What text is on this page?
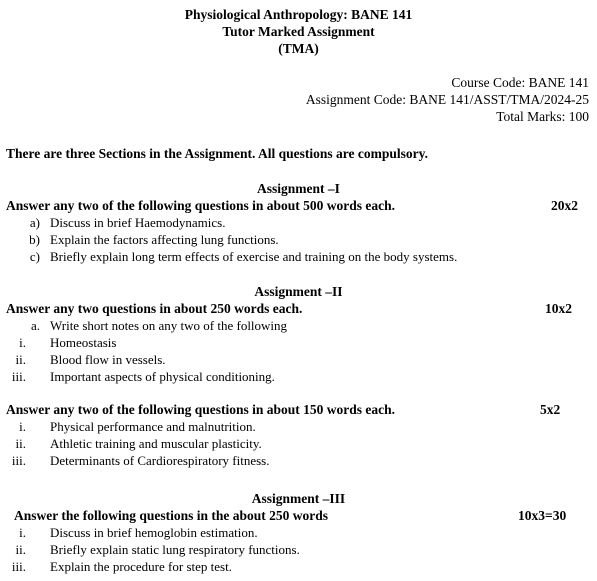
Physiological Anthropology: BANE 141
Tutor Marked Assignment
(TMA)
Course Code: BANE 141
Assignment Code: BANE 141/ASST/TMA/2024-25
Total Marks: 100
There are three Sections in the Assignment. All questions are compulsory.
Assignment –I
Answer any two of the following questions in about 500 words each.	20x2
a) Discuss in brief Haemodynamics.
b) Explain the factors affecting lung functions.
c) Briefly explain long term effects of exercise and training on the body systems.
Assignment –II
Answer any two questions in about 250 words each.	10x2
a. Write short notes on any two of the following
i. Homeostasis
ii. Blood flow in vessels.
iii. Important aspects of physical conditioning.
Answer any two of the following questions in about 150 words each.	5x2
i. Physical performance and malnutrition.
ii. Athletic training and muscular plasticity.
iii. Determinants of Cardiorespiratory fitness.
Assignment –III
Answer the following questions in the about 250 words	10x3=30
i. Discuss in brief hemoglobin estimation.
ii. Briefly explain static lung respiratory functions.
iii. Explain the procedure for step test.
